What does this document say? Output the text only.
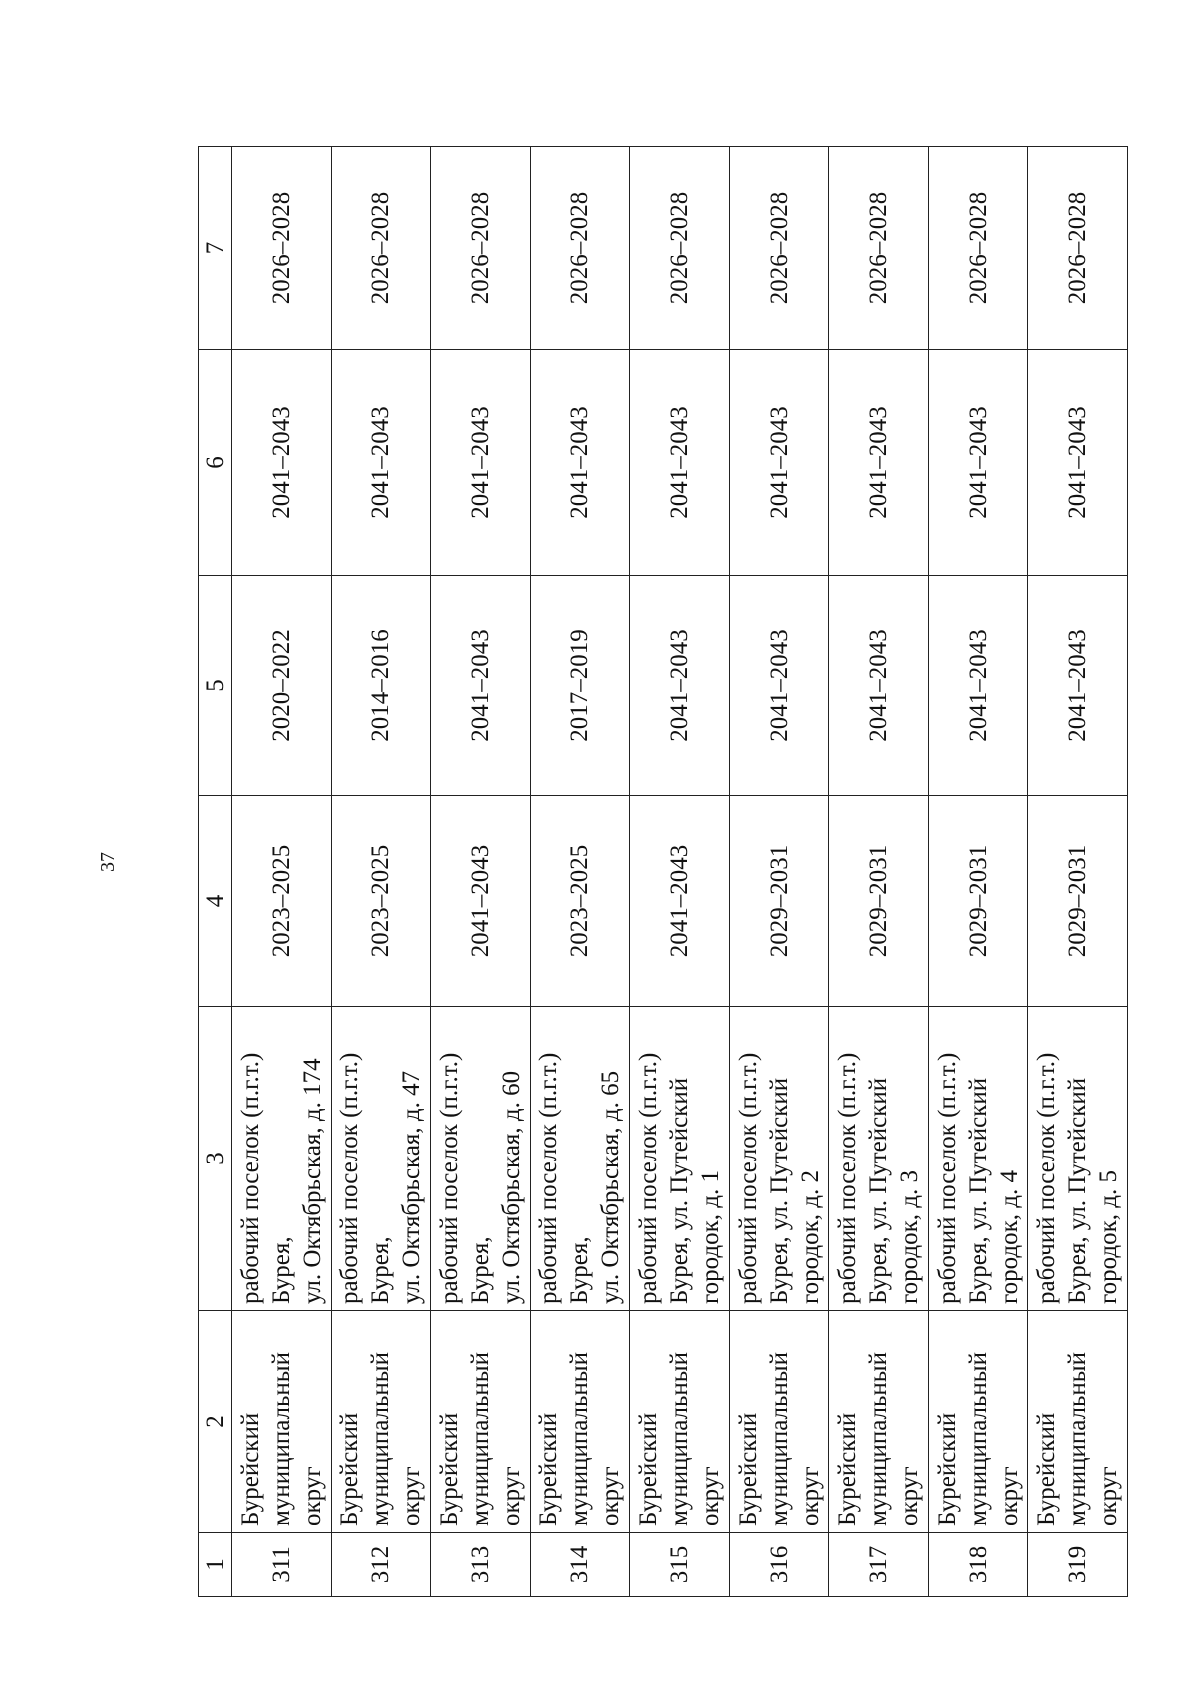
37
1	2	3	4	5	6	7
311	Бурейский муниципальный округ	рабочий поселок (п.г.т.) Бурея, ул. Октябрьская, д. 174	2023–2025	2020–2022	2041–2043	2026–2028
312	Бурейский муниципальный округ	рабочий поселок (п.г.т.) Бурея, ул. Октябрьская, д. 47	2023–2025	2014–2016	2041–2043	2026–2028
313	Бурейский муниципальный округ	рабочий поселок (п.г.т.) Бурея, ул. Октябрьская, д. 60	2041–2043	2041–2043	2041–2043	2026–2028
314	Бурейский муниципальный округ	рабочий поселок (п.г.т.) Бурея, ул. Октябрьская, д. 65	2023–2025	2017–2019	2041–2043	2026–2028
315	Бурейский муниципальный округ	рабочий поселок (п.г.т.) Бурея, ул. Путейский городок, д. 1	2041–2043	2041–2043	2041–2043	2026–2028
316	Бурейский муниципальный округ	рабочий поселок (п.г.т.) Бурея, ул. Путейский городок, д. 2	2029–2031	2041–2043	2041–2043	2026–2028
317	Бурейский муниципальный округ	рабочий поселок (п.г.т.) Бурея, ул. Путейский городок, д. 3	2029–2031	2041–2043	2041–2043	2026–2028
318	Бурейский муниципальный округ	рабочий поселок (п.г.т.) Бурея, ул. Путейский городок, д. 4	2029–2031	2041–2043	2041–2043	2026–2028
319	Бурейский муниципальный округ	рабочий поселок (п.г.т.) Бурея, ул. Путейский городок, д. 5	2029–2031	2041–2043	2041–2043	2026–2028
